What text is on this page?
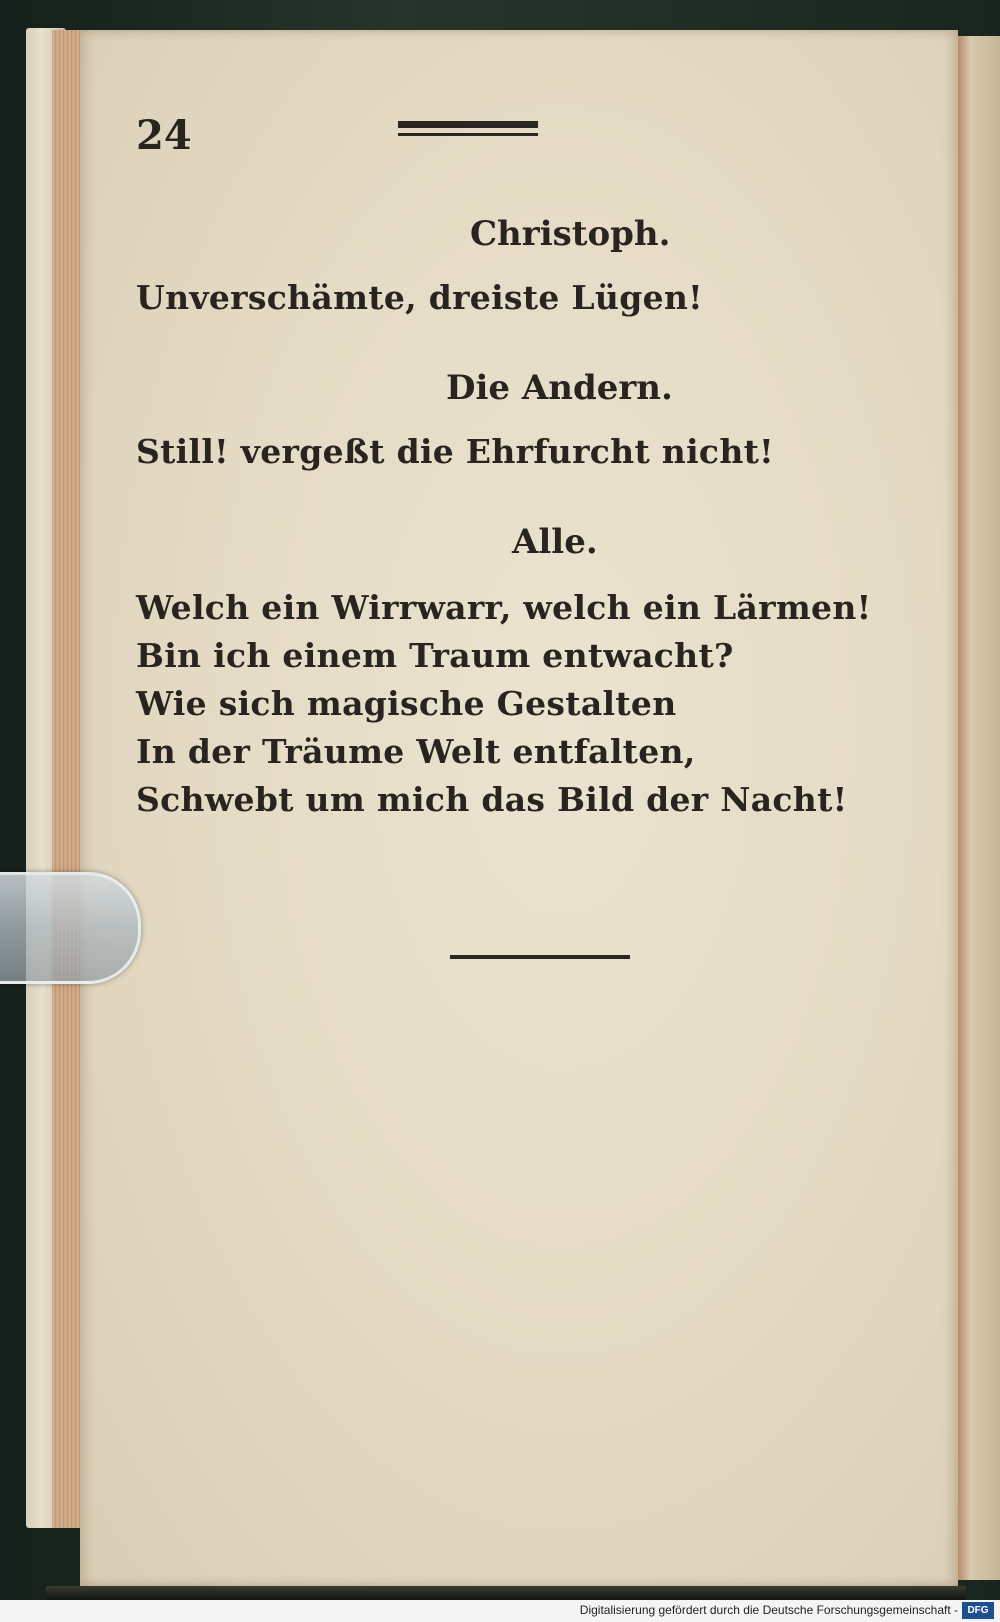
24
Christoph.
Unverschämte, dreiste Lügen!
Die Andern.
Still! vergeßt die Ehrfurcht nicht!
Alle.
Welch ein Wirrwarr, welch ein Lärmen!
Bin ich einem Traum entwacht?
Wie sich magische Gestalten
In der Träume Welt entfalten,
Schwebt um mich das Bild der Nacht!
Digitalisierung gefördert durch die Deutsche Forschungsgemeinschaft - DFG
